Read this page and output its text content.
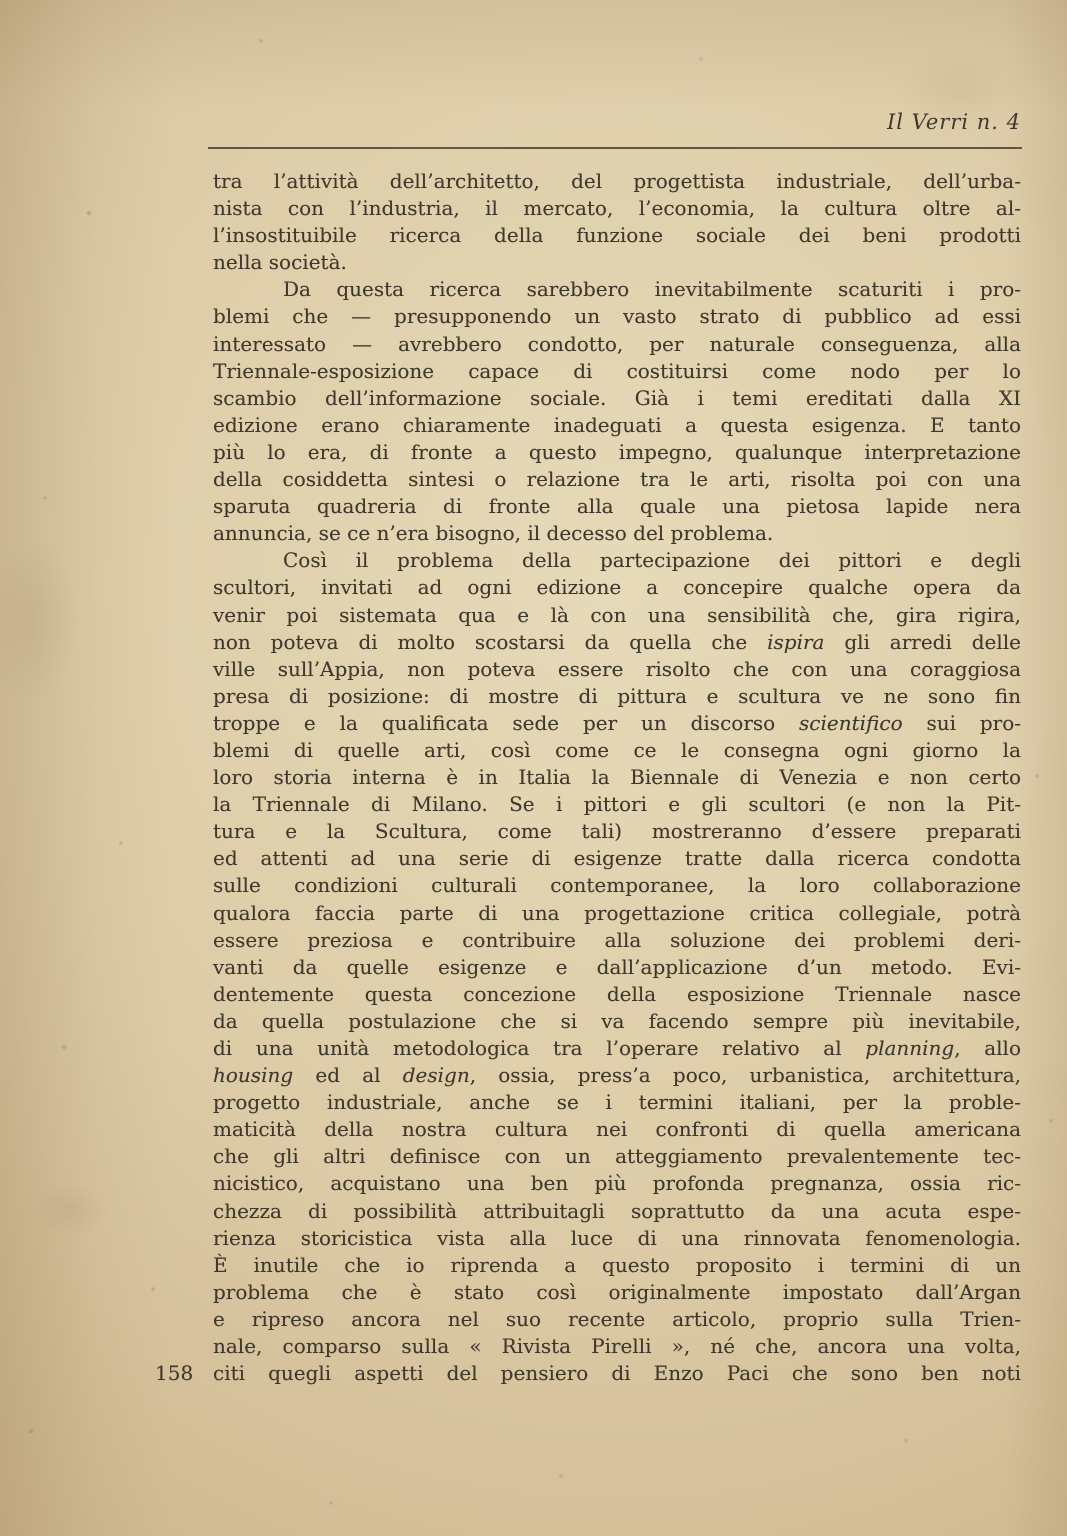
Il Verri n. 4
tra l’attività dell’architetto, del progettista industriale, dell’urba-
nista con l’industria, il mercato, l’economia, la cultura oltre al-
l’insostituibile ricerca della funzione sociale dei beni prodotti
nella società.
Da questa ricerca sarebbero inevitabilmente scaturiti i pro-
blemi che — presupponendo un vasto strato di pubblico ad essi
interessato — avrebbero condotto, per naturale conseguenza, alla
Triennale-esposizione capace di costituirsi come nodo per lo
scambio dell’informazione sociale. Già i temi ereditati dalla XI
edizione erano chiaramente inadeguati a questa esigenza. E tanto
più lo era, di fronte a questo impegno, qualunque interpretazione
della cosiddetta sintesi o relazione tra le arti, risolta poi con una
sparuta quadreria di fronte alla quale una pietosa lapide nera
annuncia, se ce n’era bisogno, il decesso del problema.
Così il problema della partecipazione dei pittori e degli
scultori, invitati ad ogni edizione a concepire qualche opera da
venir poi sistemata qua e là con una sensibilità che, gira rigira,
non poteva di molto scostarsi da quella che ispira gli arredi delle
ville sull’Appia, non poteva essere risolto che con una coraggiosa
presa di posizione: di mostre di pittura e scultura ve ne sono fin
troppe e la qualificata sede per un discorso scientifico sui pro-
blemi di quelle arti, così come ce le consegna ogni giorno la
loro storia interna è in Italia la Biennale di Venezia e non certo
la Triennale di Milano. Se i pittori e gli scultori (e non la Pit-
tura e la Scultura, come tali) mostreranno d’essere preparati
ed attenti ad una serie di esigenze tratte dalla ricerca condotta
sulle condizioni culturali contemporanee, la loro collaborazione
qualora faccia parte di una progettazione critica collegiale, potrà
essere preziosa e contribuire alla soluzione dei problemi deri-
vanti da quelle esigenze e dall’applicazione d’un metodo. Evi-
dentemente questa concezione della esposizione Triennale nasce
da quella postulazione che si va facendo sempre più inevitabile,
di una unità metodologica tra l’operare relativo al planning, allo
housing ed al design, ossia, press’a poco, urbanistica, architettura,
progetto industriale, anche se i termini italiani, per la proble-
maticità della nostra cultura nei confronti di quella americana
che gli altri definisce con un atteggiamento prevalentemente tec-
nicistico, acquistano una ben più profonda pregnanza, ossia ric-
chezza di possibilità attribuitagli soprattutto da una acuta espe-
rienza storicistica vista alla luce di una rinnovata fenomenologia.
È inutile che io riprenda a questo proposito i termini di un
problema che è stato così originalmente impostato dall’Argan
e ripreso ancora nel suo recente articolo, proprio sulla Trien-
nale, comparso sulla « Rivista Pirelli », né che, ancora una volta,
citi quegli aspetti del pensiero di Enzo Paci che sono ben noti
158
